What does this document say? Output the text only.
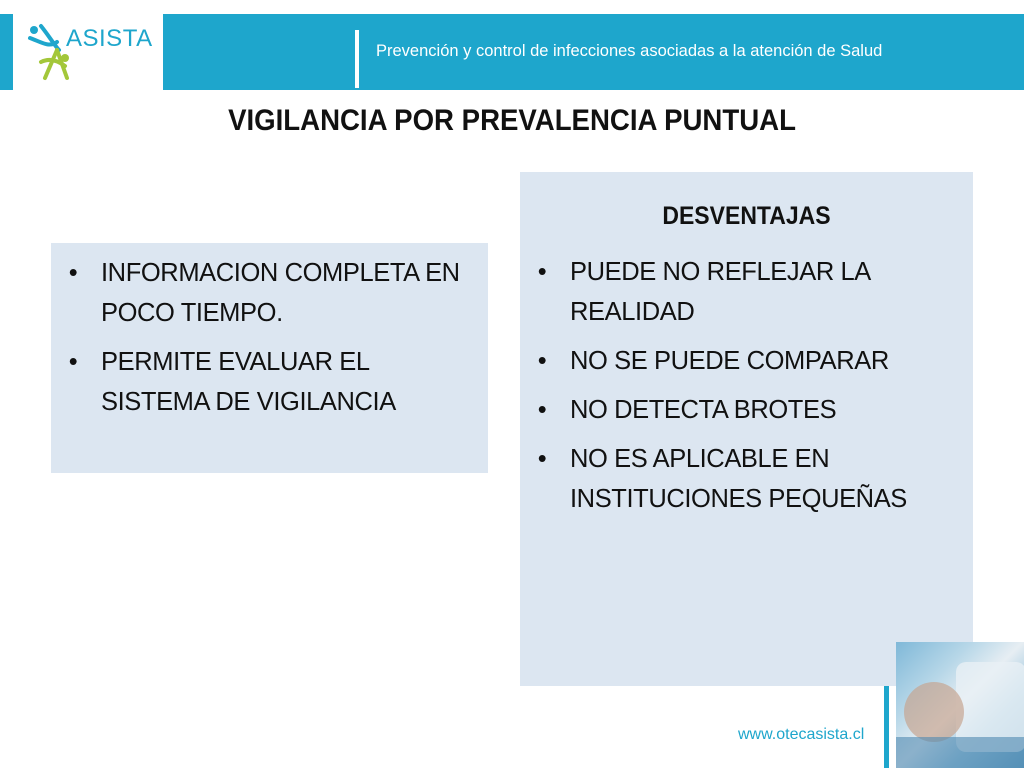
ASISTA	Prevención y control de infecciones asociadas a la atención de Salud
VIGILANCIA POR PREVALENCIA PUNTUAL
• INFORMACION COMPLETA EN POCO TIEMPO.
• PERMITE EVALUAR EL SISTEMA DE VIGILANCIA
DESVENTAJAS
• PUEDE NO REFLEJAR LA REALIDAD
• NO SE PUEDE COMPARAR
• NO DETECTA BROTES
• NO ES APLICABLE EN INSTITUCIONES PEQUEÑAS
www.otecasista.cl
